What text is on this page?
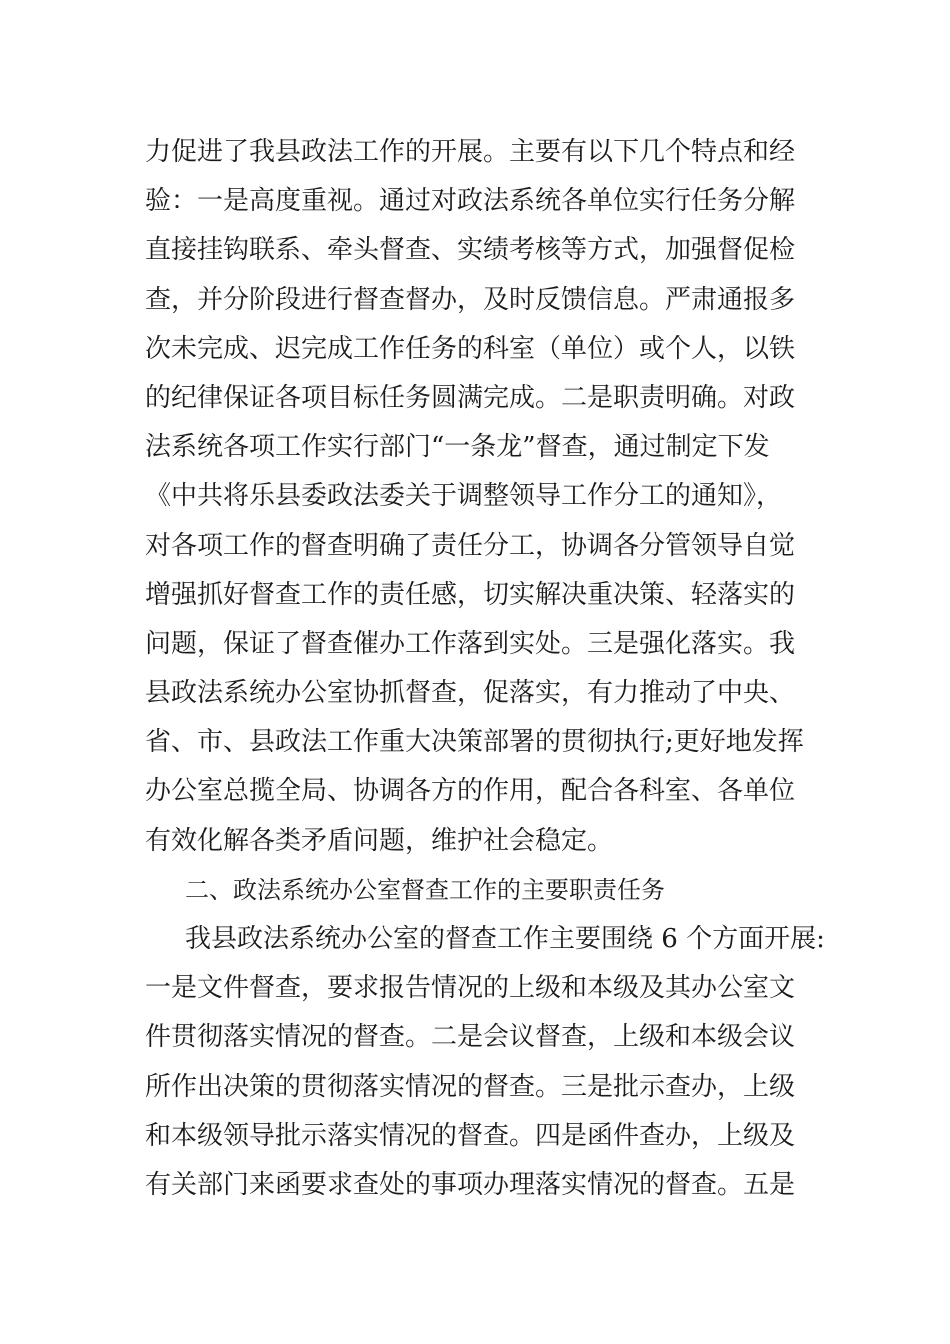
力促进了我县政法工作的开展。主要有以下几个特点和经
验：一是高度重视。通过对政法系统各单位实行任务分解
直接挂钩联系、牵头督查、实绩考核等方式，加强督促检
查，并分阶段进行督查督办，及时反馈信息。严肃通报多
次未完成、迟完成工作任务的科室（单位）或个人，以铁
的纪律保证各项目标任务圆满完成。二是职责明确。对政
法系统各项工作实行部门“一条龙”督查，通过制定下发
《中共将乐县委政法委关于调整领导工作分工的通知》，
对各项工作的督查明确了责任分工，协调各分管领导自觉
增强抓好督查工作的责任感，切实解决重决策、轻落实的
问题，保证了督查催办工作落到实处。三是强化落实。我
县政法系统办公室协抓督查，促落实，有力推动了中央、
省、市、县政法工作重大决策部署的贯彻执行;更好地发挥
办公室总揽全局、协调各方的作用，配合各科室、各单位
有效化解各类矛盾问题，维护社会稳定。
二、政法系统办公室督查工作的主要职责任务
我县政法系统办公室的督查工作主要围绕 6 个方面开展:
一是文件督查，要求报告情况的上级和本级及其办公室文
件贯彻落实情况的督查。二是会议督查，上级和本级会议
所作出决策的贯彻落实情况的督查。三是批示查办，上级
和本级领导批示落实情况的督查。四是函件查办，上级及
有关部门来函要求查处的事项办理落实情况的督查。五是
